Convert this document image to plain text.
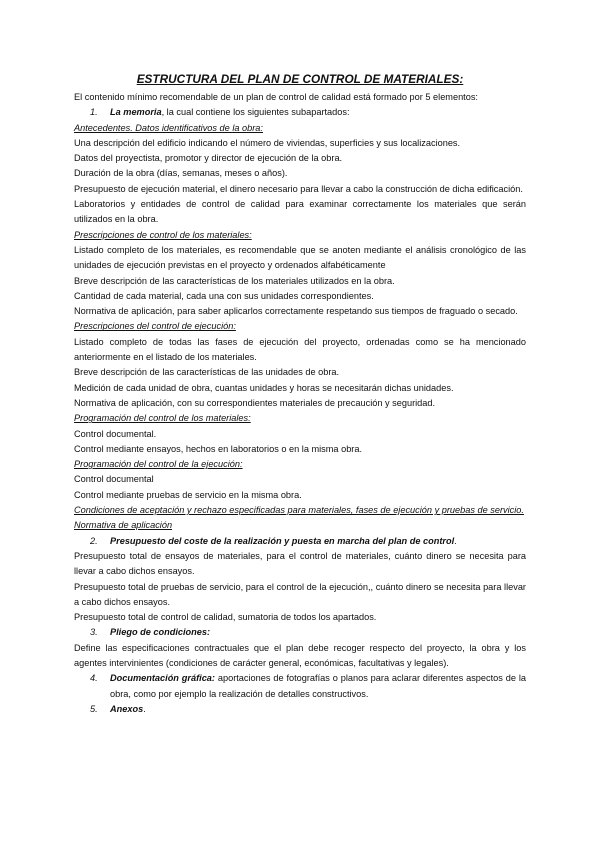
ESTRUCTURA DEL PLAN DE CONTROL DE MATERIALES:

El contenido mínimo recomendable de un plan de control de calidad está formado por 5 elementos:

1.	La memoria, la cual contiene los siguientes subapartados:

Antecedentes. Datos identificativos de la obra:

Una descripción del edificio indicando el número de viviendas, superficies y sus localizaciones.

Datos del proyectista, promotor y director de ejecución de la obra.

Duración de la obra (días, semanas, meses o años).

Presupuesto de ejecución material, el dinero necesario para llevar a cabo la construcción de dicha edificación.

Laboratorios y entidades de control de calidad para examinar correctamente los materiales que serán utilizados en la obra.

Prescripciones de control de los materiales:

Listado completo de los materiales, es recomendable que se anoten mediante el análisis cronológico de las unidades de ejecución previstas en el proyecto y ordenados alfabéticamente

Breve descripción de las características de los materiales utilizados en la obra.

Cantidad de cada material, cada una con sus unidades correspondientes.

Normativa de aplicación, para saber aplicarlos correctamente respetando sus tiempos de fraguado o secado.

Prescripciones del control de ejecución:

Listado completo de todas las fases de ejecución del proyecto, ordenadas como se ha mencionado anteriormente en el listado de los materiales.

Breve descripción de las características de las unidades de obra.

Medición de cada unidad de obra, cuantas unidades y horas se necesitarán dichas unidades.

Normativa de aplicación, con su correspondientes materiales de precaución y seguridad.

Programación del control de los materiales:

Control documental.

Control mediante ensayos, hechos en laboratorios o en la misma obra.

Programación del control de la ejecución:

Control documental

Control mediante pruebas de servicio en la misma obra.

Condiciones de aceptación y rechazo especificadas para materiales, fases de ejecución y pruebas de servicio.

Normativa de aplicación

2.	Presupuesto del coste de la realización y puesta en marcha del plan de control.

Presupuesto total de ensayos de materiales, para el control de materiales, cuánto dinero se necesita para llevar a cabo dichos ensayos.

Presupuesto total de pruebas de servicio, para el control de la ejecución,, cuánto dinero se necesita para llevar a cabo dichos ensayos.

Presupuesto total de control de calidad, sumatoria de todos los apartados.

3.	Pliego de condiciones:

Define las especificaciones contractuales que el plan debe recoger respecto del proyecto, la obra y los agentes intervinientes (condiciones de carácter general, económicas, facultativas y legales).

4.	Documentación gráfica: aportaciones de fotografías o planos para aclarar diferentes aspectos de la obra, como por ejemplo la realización de detalles constructivos.

5.	Anexos.
